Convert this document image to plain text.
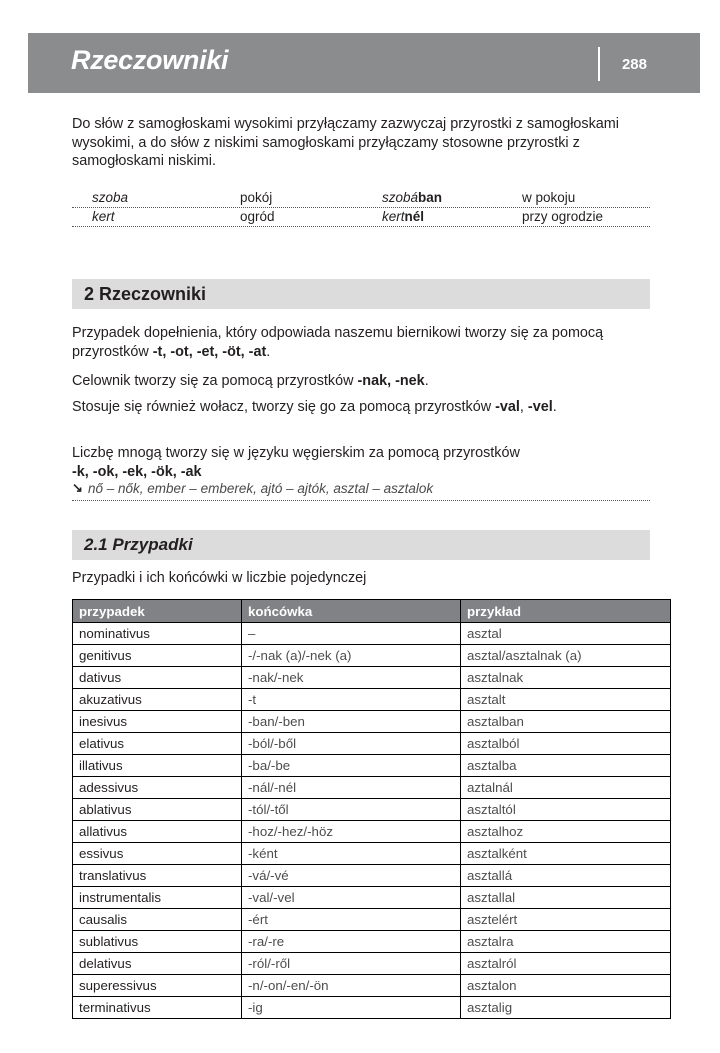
Rzeczowniki	288
Do słów z samogłoskami wysokimi przyłączamy zazwyczaj przyrostki z samogłoskami wysokimi, a do słów z niskimi samogłoskami przyłączamy stosowne przyrostki z samogłoskami niskimi.
szoba	pokój	szobában	w pokoju
kert	ogród	kertnél	przy ogrodzie
2 Rzeczowniki
Przypadek dopełnienia, który odpowiada naszemu biernikowi tworzy się za pomocą przyrostków -t, -ot, -et, -öt, -at.
Celownik tworzy się za pomocą przyrostków -nak, -nek.
Stosuje się również wołacz, tworzy się go za pomocą przyrostków -val, -vel.
Liczbę mnogą tworzy się w języku węgierskim za pomocą przyrostków
-k, -ok, -ek, -ök, -ak
↘ nő – nők, ember – emberek, ajtó – ajtók, asztal – asztalok
2.1 Przypadki
Przypadki i ich końcówki w liczbie pojedynczej
przypadek	końcówka	przykład
nominativus	–	asztal
genitivus	-/-nak (a)/-nek (a)	asztal/asztalnak (a)
dativus	-nak/-nek	asztalnak
akuzativus	-t	asztalt
inesivus	-ban/-ben	asztalban
elativus	-ból/-ből	asztalból
illativus	-ba/-be	asztalba
adessivus	-nál/-nél	aztalnál
ablativus	-tól/-től	asztaltól
allativus	-hoz/-hez/-höz	asztalhoz
essivus	-ként	asztalként
translativus	-vá/-vé	asztallá
instrumentalis	-val/-vel	asztallal
causalis	-ért	asztelért
sublativus	-ra/-re	asztalra
delativus	-ról/-ről	asztalról
superessivus	-n/-on/-en/-ön	asztalon
terminativus	-ig	asztalig
